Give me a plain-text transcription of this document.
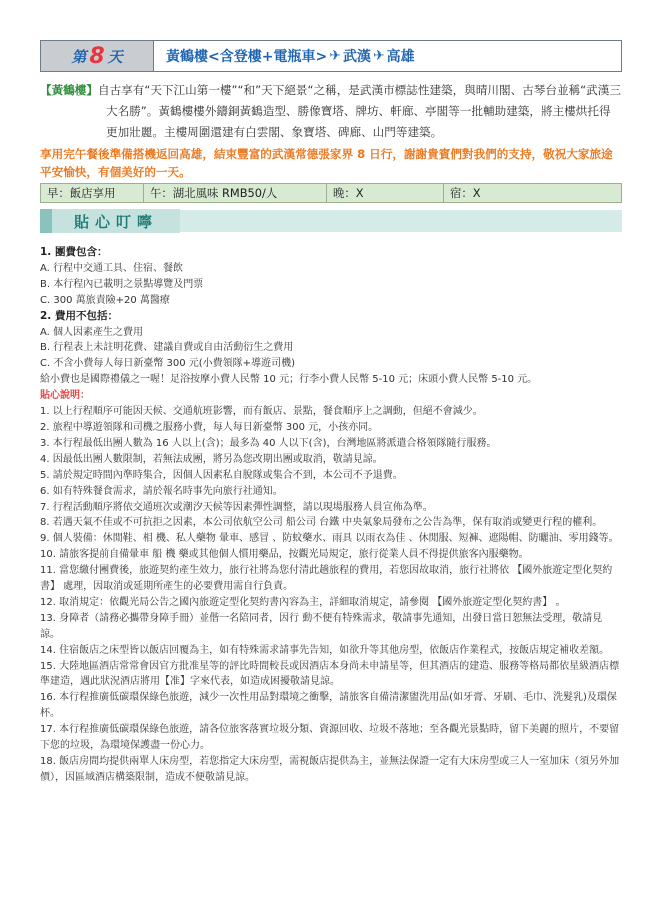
第 8 天	黃鶴樓<含登樓+電瓶車> ✈ 武漢 ✈ 高雄
【黃鶴樓】自古享有“天下江山第一樓”“和”天下絕景“之稱，是武漢市標誌性建築，與晴川閣、古琴台並稱“武漢三大名勝”。黃鶴樓樓外鑄銅黃鶴造型、勝像寶塔、牌坊、軒廊、亭閣等一批輔助建築，將主樓烘托得更加壯麗。主樓周圍還建有白雲閣、象寶塔、碑廊、山門等建築。
享用完午餐後準備搭機返回高雄，結束豐富的武漢常德張家界 8 日行，謝謝貴賓們對我們的支持，敬祝大家旅途平安愉快，有個美好的一天。
早：飯店享用	午：湖北風味 RMB50/人	晚：X	宿：X
貼心叮嚀

1. 團費包含：

A. 行程中交通工具、住宿、餐飲

B. 本行程內已載明之景點導覽及門票

C. 300 萬旅責險+20 萬醫療

2. 費用不包括：

A. 個人因素產生之費用

B. 行程表上未註明花費、建議自費或自由活動衍生之費用

C. 不含小費每人每日新臺幣 300 元(小費領隊+導遊司機)

給小費也是國際禮儀之一喔！足浴按摩小費人民幣 10 元；行李小費人民幣 5-10 元；床頭小費人民幣 5-10 元。

貼心說明：

1. 以上行程順序可能因天候、交通航班影響，而有飯店、景點，餐食順序上之調動，但絕不會減少。

2. 旅程中導遊領隊和司機之服務小費，每人每日新臺幣 300 元，小孩亦同。

3. 本行程最低出團人數為 16 人以上(含)；最多為 40 人以下(含)，台灣地區將派遣合格領隊隨行服務。

4. 因最低出團人數限制，若無法成團，將另為您改期出團或取消，敬請見諒。

5. 請於規定時間內準時集合，因個人因素私自脫隊或集合不到，本公司不予退費。

6. 如有特殊餐食需求，請於報名時事先向旅行社通知。

7. 行程活動順序將依交通班次或潮汐天候等因素彈性調整，請以現場服務人員宣佈為準。

8. 若遇天氣不佳或不可抗拒之因素，本公司依航空公司 船公司 台鐵 中央氣象局發布之公告為準，保有取消或變更行程的權利。

9. 個人裝備：休閒鞋、相 機、私人藥物 暈車、感冒 、防蚊藥水、雨具 以雨衣為佳 、休閒服、短褲、遮陽帽、防曬油、零用錢等。

10. 請旅客提前自備暈車 船 機 藥或其他個人慣用藥品，按觀光局規定，旅行從業人員不得提供旅客內服藥物。

11. 當您繳付團費後，旅遊契約產生效力，旅行社將為您付清此趟旅程的費用，若您因故取消，旅行社將依 【國外旅遊定型化契約書】 處理，因取消或延期所產生的必要費用需自行負責。

12. 取消規定：依觀光局公告之國內旅遊定型化契約書內容為主，詳細取消規定，請參閱 【國外旅遊定型化契約書】 。

13. 身障者（請務必攜帶身障手冊）並偕一名陪同者，因行 動不便有特殊需求，敬請事先通知，出發日當日恕無法受理，敬請見諒。

14. 住宿飯店之床型皆以飯店回覆為主，如有特殊需求請事先告知，如欲升等其他房型，依飯店作業程式，按飯店規定補收差額。

15. 大陸地區酒店常常會因官方批准星等的評比時間較長或因酒店本身尚未申請星等，但其酒店的建造、服務等格局都依星級酒店標準建造，遇此狀況酒店將用【准】字來代表，如造成困擾敬請見諒。

16. 本行程推廣低碳環保綠色旅遊，減少一次性用品對環境之衝擊，請旅客自備清潔盥洗用品(如牙膏、牙刷、毛巾、洗髮乳)及環保杯。

17. 本行程推廣低碳環保綠色旅遊，請各位旅客落實垃圾分類、資源回收、垃圾不落地；至各觀光景點時，留下美麗的照片，不要留下您的垃圾，為環境保護盡一份心力。

18. 飯店房間均提供兩單人床房型，若您指定大床房型，需視飯店提供為主，並無法保證一定有大床房型或三人一室加床（須另外加價），因區域酒店構築限制，造成不便敬請見諒。
